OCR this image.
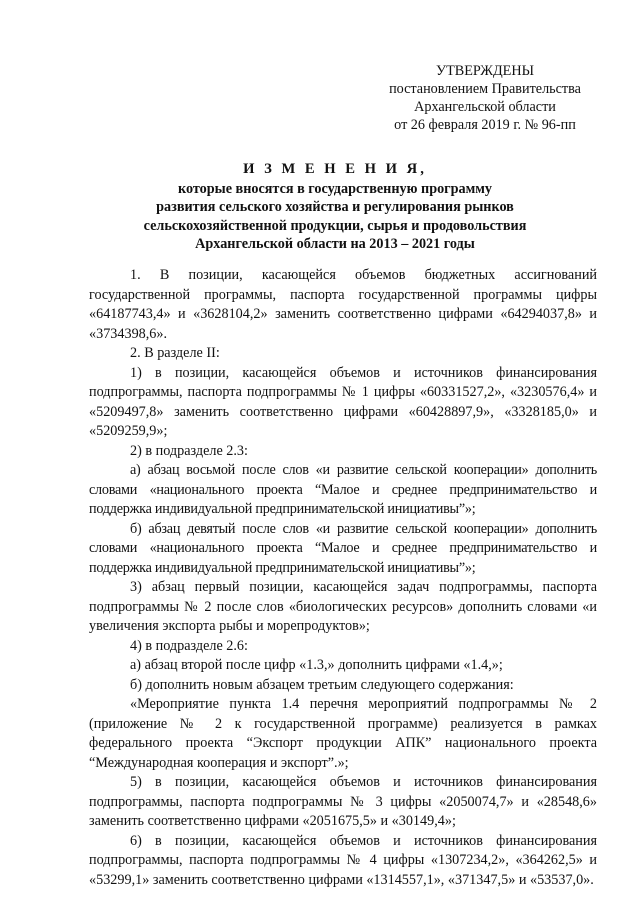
УТВЕРЖДЕНЫ
постановлением Правительства
Архангельской области
от 26 февраля 2019 г. № 96-пп
И З М Е Н Е Н И Я,
которые вносятся в государственную программу
развития сельского хозяйства и регулирования рынков
сельскохозяйственной продукции, сырья и продовольствия
Архангельской области на 2013 – 2021 годы

1. В позиции, касающейся объемов бюджетных ассигнований государственной программы, паспорта государственной программы цифры «64187743,4» и «3628104,2» заменить соответственно цифрами «64294037,8» и «3734398,6».

2. В разделе II:

1) в позиции, касающейся объемов и источников финансирования подпрограммы, паспорта подпрограммы № 1 цифры «60331527,2», «3230576,4» и «5209497,8» заменить соответственно цифрами «60428897,9», «3328185,0» и «5209259,9»;

2) в подразделе 2.3:

а) абзац восьмой после слов «и развитие сельской кооперации» дополнить словами «национального проекта “Малое и среднее предпринимательство и поддержка индивидуальной предпринимательской инициативы”»;

б) абзац девятый после слов «и развитие сельской кооперации» дополнить словами «национального проекта “Малое и среднее предпринимательство и поддержка индивидуальной предпринимательской инициативы”»;

3) абзац первый позиции, касающейся задач подпрограммы, паспорта подпрограммы № 2 после слов «биологических ресурсов» дополнить словами «и увеличения экспорта рыбы и морепродуктов»;

4) в подразделе 2.6:

а) абзац второй после цифр «1.3,» дополнить цифрами «1.4,»;

б) дополнить новым абзацем третьим следующего содержания:

«Мероприятие пункта 1.4 перечня мероприятий подпрограммы № 2 (приложение № 2 к государственной программе) реализуется в рамках федерального проекта “Экспорт продукции АПК” национального проекта “Международная кооперация и экспорт”.»;

5) в позиции, касающейся объемов и источников финансирования подпрограммы, паспорта подпрограммы № 3 цифры «2050074,7» и «28548,6» заменить соответственно цифрами «2051675,5» и «30149,4»;

6) в позиции, касающейся объемов и источников финансирования подпрограммы, паспорта подпрограммы № 4 цифры «1307234,2», «364262,5» и «53299,1» заменить соответственно цифрами «1314557,1», «371347,5» и «53537,0».
